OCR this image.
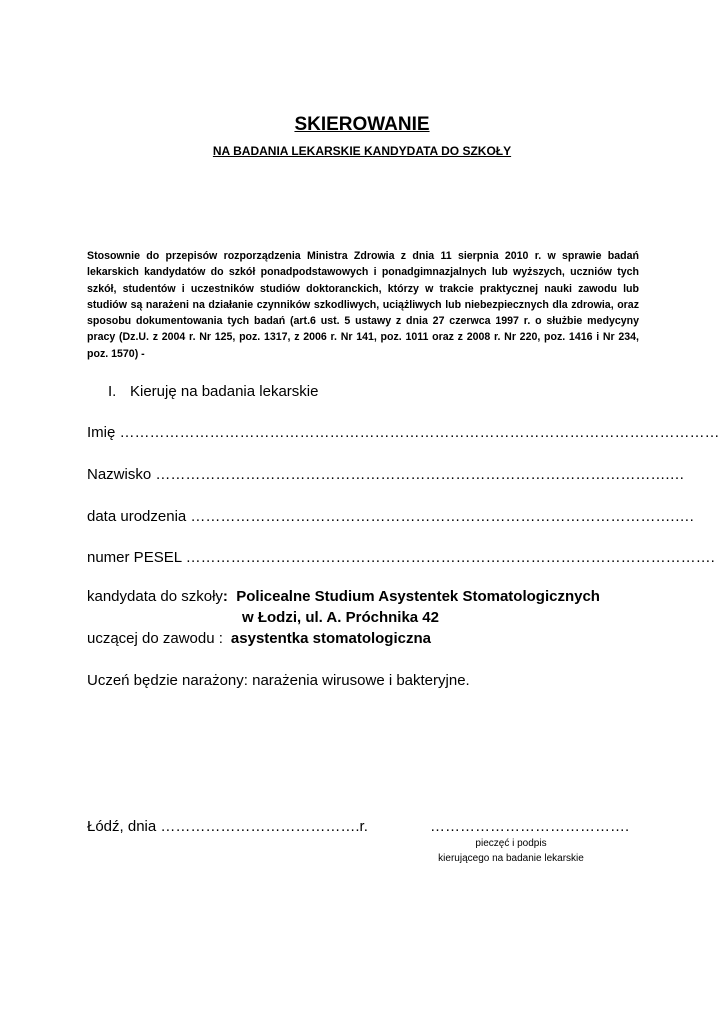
SKIEROWANIE
NA BADANIA LEKARSKIE KANDYDATA DO SZKOŁY
Stosownie do przepisów rozporządzenia Ministra Zdrowia z dnia 11 sierpnia 2010 r. w sprawie badań lekarskich kandydatów do szkół ponadpodstawowych i ponadgimnazjalnych lub wyższych, uczniów tych szkół, studentów i uczestników studiów doktoranckich, którzy w trakcie praktycznej nauki zawodu lub studiów są narażeni na działanie czynników szkodliwych, uciążliwych lub niebezpiecznych dla zdrowia, oraz sposobu dokumentowania tych badań (art.6 ust. 5 ustawy z dnia 27 czerwca 1997 r. o służbie medycyny pracy (Dz.U. z 2004 r. Nr 125, poz. 1317, z 2006 r. Nr 141, poz. 1011 oraz z 2008 r. Nr 220, poz. 1416 i Nr 234, poz. 1570) -
I. Kieruję na badania lekarskie
Imię …………………………………………………………………………………………………………
Nazwisko ………………………………………………………………………………………….…
data urodzenia …………………………………………………………………………………….….
numer PESEL …………………………………………………………………………………………….
kandydata do szkoły: Policealne Studium Asystentek Stomatologicznych
w Łodzi, ul. A. Próchnika 42
uczącej do zawodu : asystentka stomatologiczna
Uczeń będzie narażony: narażenia wirusowe i bakteryjne.
Łódź, dnia ………………………………….r.	………………………………….
pieczęć i podpis
kierującego na badanie lekarskie
